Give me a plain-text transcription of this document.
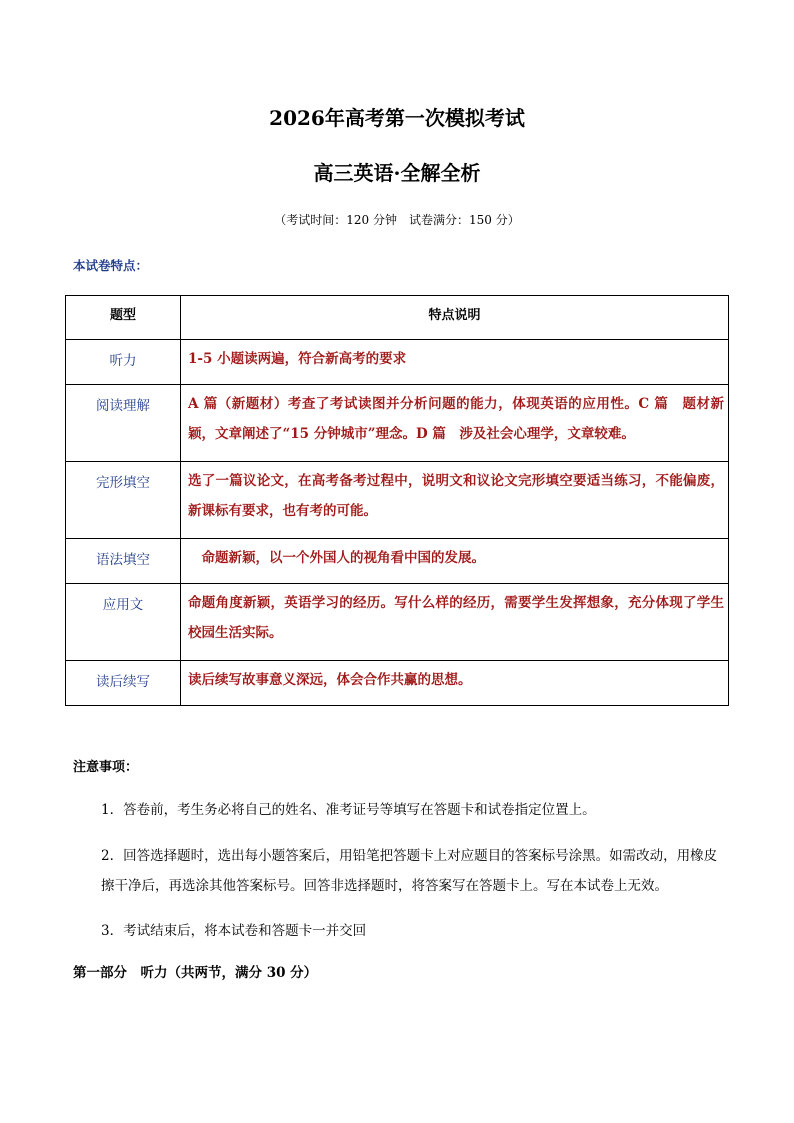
2026年高考第一次模拟考试
高三英语·全解全析
（考试时间：120 分钟　试卷满分：150 分）
本试卷特点：
题型	特点说明
听力	1-5 小题读两遍，符合新高考的要求
阅读理解	A 篇（新题材）考查了考试读图并分析问题的能力，体现英语的应用性。C 篇　题材新颖，文章阐述了“15 分钟城市”理念。D 篇　涉及社会心理学，文章较难。
完形填空	选了一篇议论文，在高考备考过程中，说明文和议论文完形填空要适当练习，不能偏废，新课标有要求，也有考的可能。
语法填空	　命题新颖，以一个外国人的视角看中国的发展。
应用文	命题角度新颖，英语学习的经历。写什么样的经历，需要学生发挥想象，充分体现了学生校园生活实际。
读后续写	读后续写故事意义深远，体会合作共赢的思想。
注意事项：
1．答卷前，考生务必将自己的姓名、准考证号等填写在答题卡和试卷指定位置上。
2．回答选择题时，选出每小题答案后，用铅笔把答题卡上对应题目的答案标号涂黑。如需改动，用橡皮擦干净后，再选涂其他答案标号。回答非选择题时，将答案写在答题卡上。写在本试卷上无效。
3．考试结束后，将本试卷和答题卡一并交回
第一部分　听力（共两节，满分 30 分）
